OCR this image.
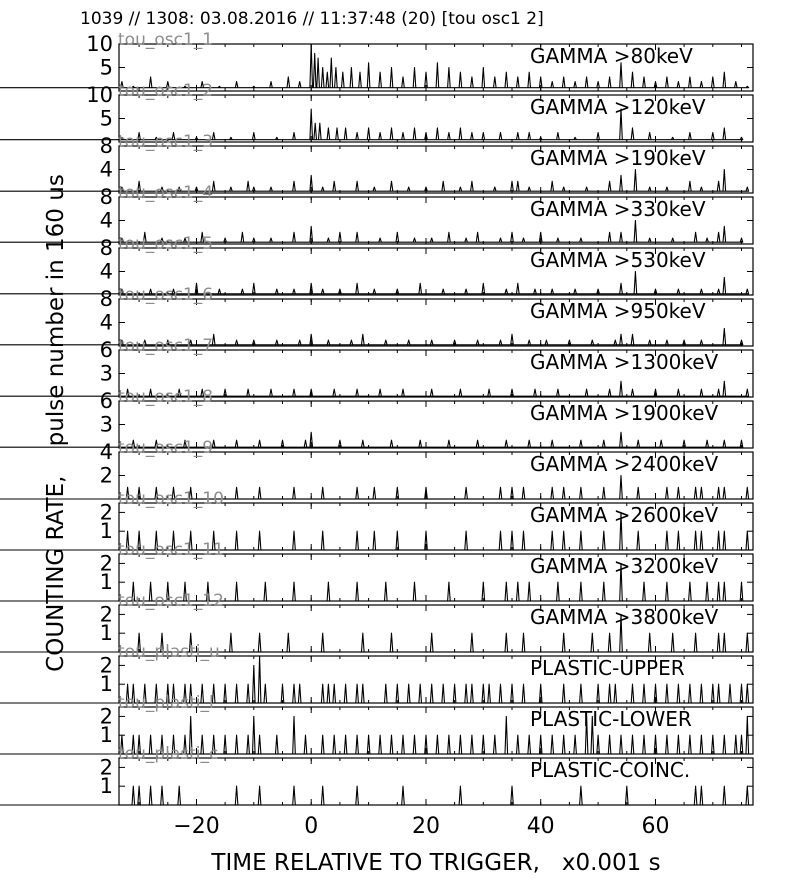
1039 // 1308: 03.08.2016 // 11:37:48 (20) [tou osc1 2]
COUNTING RATE,    pulse number in 160 us
TIME RELATIVE TO TRIGGER,   x0.001 s
5
10	GAMMA >80keV
tou_osc1_1
5
10	GAMMA >120keV
tou_osc1_2
4
8	GAMMA >190keV
tou_osc1_3
4
8	GAMMA >330keV
tou_osc1_4
4
8	GAMMA >530keV
tou_osc1_5
4
8	GAMMA >950keV
tou_osc1_6
3
6	GAMMA >1300keV
tou_osc1_7
3
6	GAMMA >1900keV
tou_osc1_8
2
4	GAMMA >2400keV
tou_osc1_9
1
2	GAMMA >2600keV
tou_osc1_10
1
2	GAMMA >3200keV
tou_osc1_11
1
2	GAMMA >3800keV
tou_osc1_12
1
2	PLASTIC-UPPER
tou_plasti_u
1
2	PLASTIC-LOWER
tou_plasti_l
1
2	PLASTIC-COINC.
tou_plasti_c
−20	0	20	40	60
